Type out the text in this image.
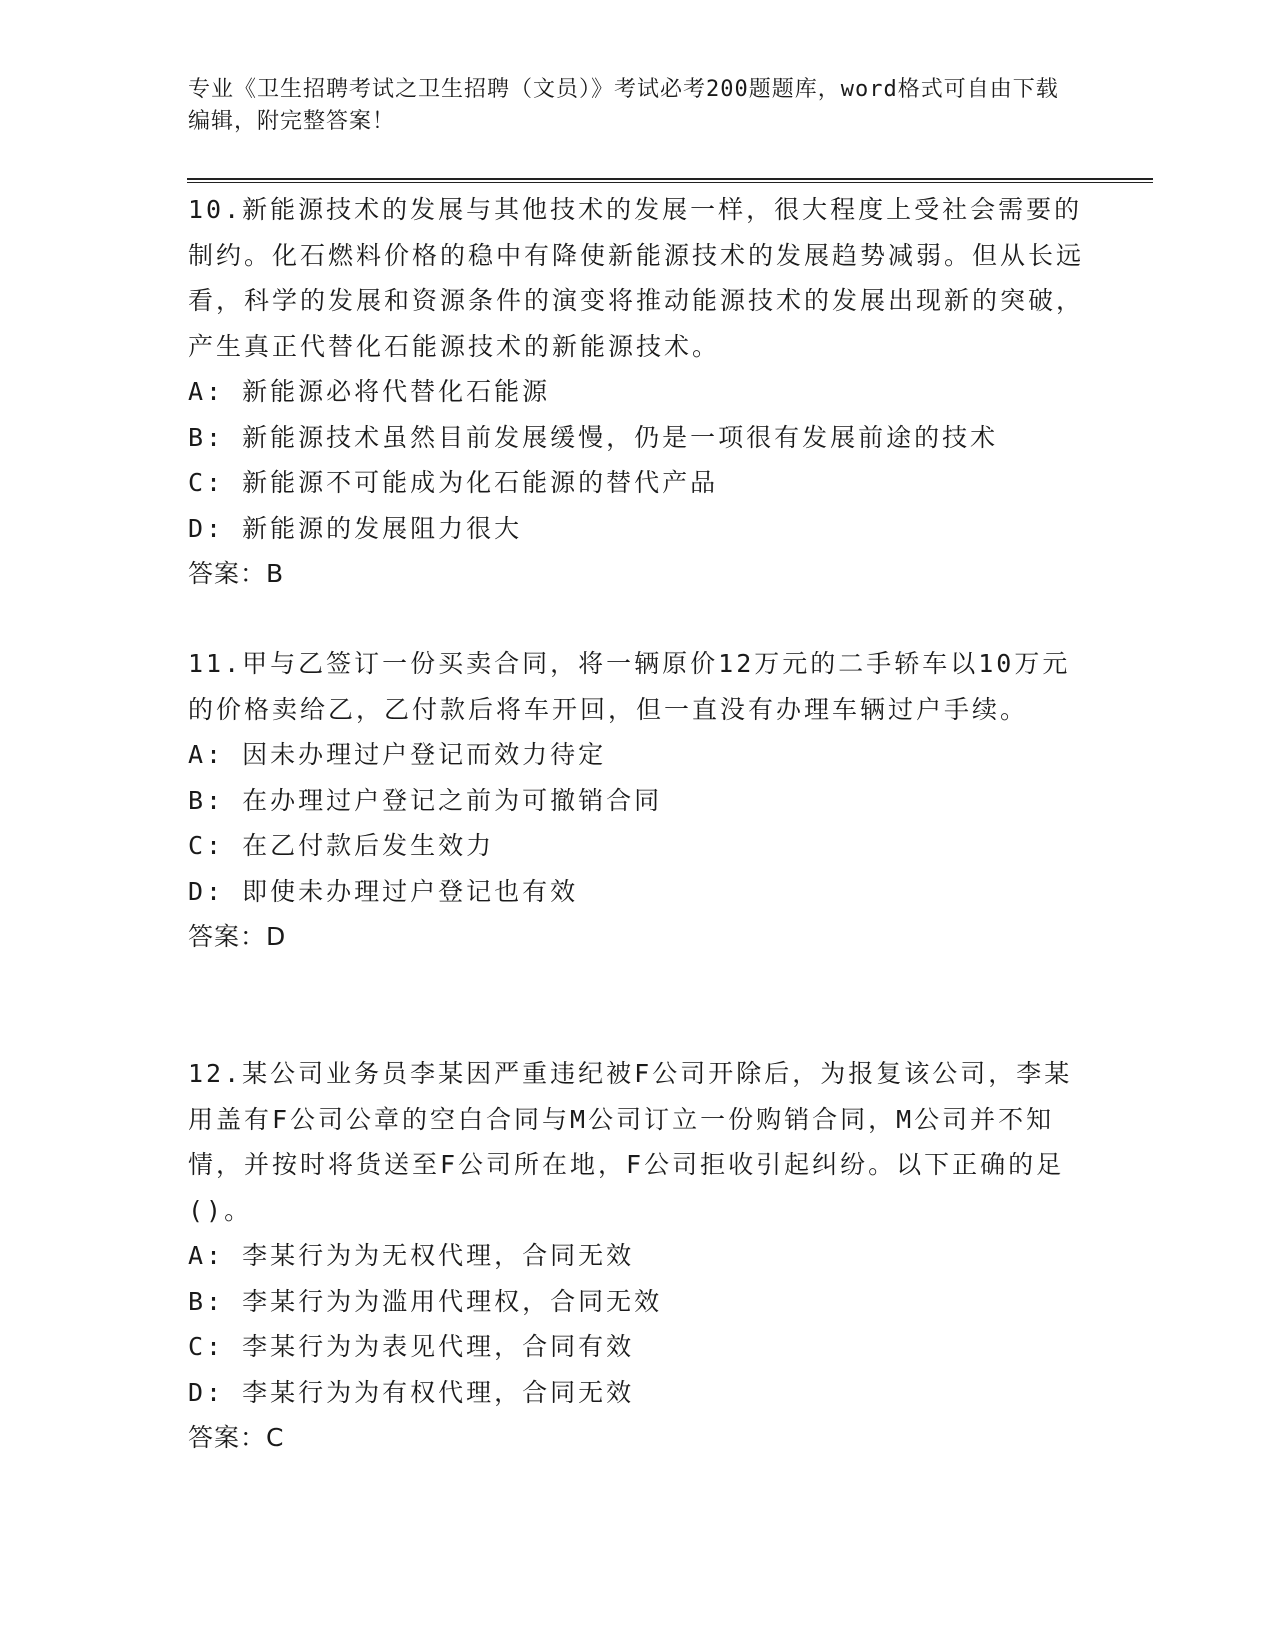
专业《卫生招聘考试之卫生招聘（文员）》考试必考200题题库，word格式可自由下载编辑，附完整答案！
10.新能源技术的发展与其他技术的发展一样，很大程度上受社会需要的制约。化石燃料价格的稳中有降使新能源技术的发展趋势减弱。但从长远看，科学的发展和资源条件的演变将推动能源技术的发展出现新的突破，产生真正代替化石能源技术的新能源技术。
A: 新能源必将代替化石能源
B: 新能源技术虽然目前发展缓慢，仍是一项很有发展前途的技术
C: 新能源不可能成为化石能源的替代产品
D: 新能源的发展阻力很大
答案：B
11.甲与乙签订一份买卖合同，将一辆原价12万元的二手轿车以10万元的价格卖给乙，乙付款后将车开回，但一直没有办理车辆过户手续。
A: 因未办理过户登记而效力待定
B: 在办理过户登记之前为可撤销合同
C: 在乙付款后发生效力
D: 即使未办理过户登记也有效
答案：D
12.某公司业务员李某因严重违纪被F公司开除后，为报复该公司，李某用盖有F公司公章的空白合同与M公司订立一份购销合同，M公司并不知情，并按时将货送至F公司所在地，F公司拒收引起纠纷。以下正确的足()。
A: 李某行为为无权代理，合同无效
B: 李某行为为滥用代理权，合同无效
C: 李某行为为表见代理，合同有效
D: 李某行为为有权代理，合同无效
答案：C
